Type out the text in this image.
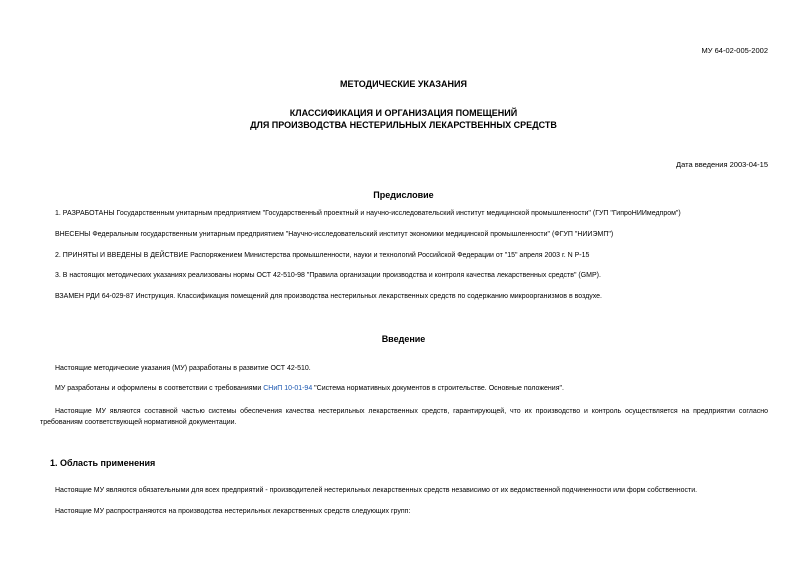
МУ 64-02-005-2002
МЕТОДИЧЕСКИЕ УКАЗАНИЯ
КЛАССИФИКАЦИЯ И ОРГАНИЗАЦИЯ ПОМЕЩЕНИЙ
ДЛЯ ПРОИЗВОДСТВА НЕСТЕРИЛЬНЫХ ЛЕКАРСТВЕННЫХ СРЕДСТВ
Дата введения 2003-04-15
Предисловие
1. РАЗРАБОТАНЫ Государственным унитарным предприятием "Государственный проектный и научно-исследовательский институт медицинской промышленности" (ГУП "ГипроНИИмедпром")
ВНЕСЕНЫ Федеральным государственным унитарным предприятием "Научно-исследовательский институт экономики медицинской промышленности" (ФГУП "НИИЭМП")
2. ПРИНЯТЫ И ВВЕДЕНЫ В ДЕЙСТВИЕ Распоряжением Министерства промышленности, науки и технологий Российской Федерации от "15" апреля 2003 г. N Р-15
3. В настоящих методических указаниях реализованы нормы ОСТ 42-510-98 "Правила организации производства и контроля качества лекарственных средств" (GMP).
ВЗАМЕН РДИ 64-029-87 Инструкция. Классификация помещений для производства нестерильных лекарственных средств по содержанию микроорганизмов в воздухе.
Введение
Настоящие методические указания (МУ) разработаны в развитие ОСТ 42-510.
МУ разработаны и оформлены в соответствии с требованиями СНиП 10-01-94 "Система нормативных документов в строительстве. Основные положения".
Настоящие МУ являются составной частью системы обеспечения качества нестерильных лекарственных средств, гарантирующей, что их производство и контроль осуществляется на предприятии согласно требованиям соответствующей нормативной документации.
1. Область применения
Настоящие МУ являются обязательными для всех предприятий - производителей нестерильных лекарственных средств независимо от их ведомственной подчиненности или форм собственности.
Настоящие МУ распространяются на производства нестерильных лекарственных средств следующих групп:
